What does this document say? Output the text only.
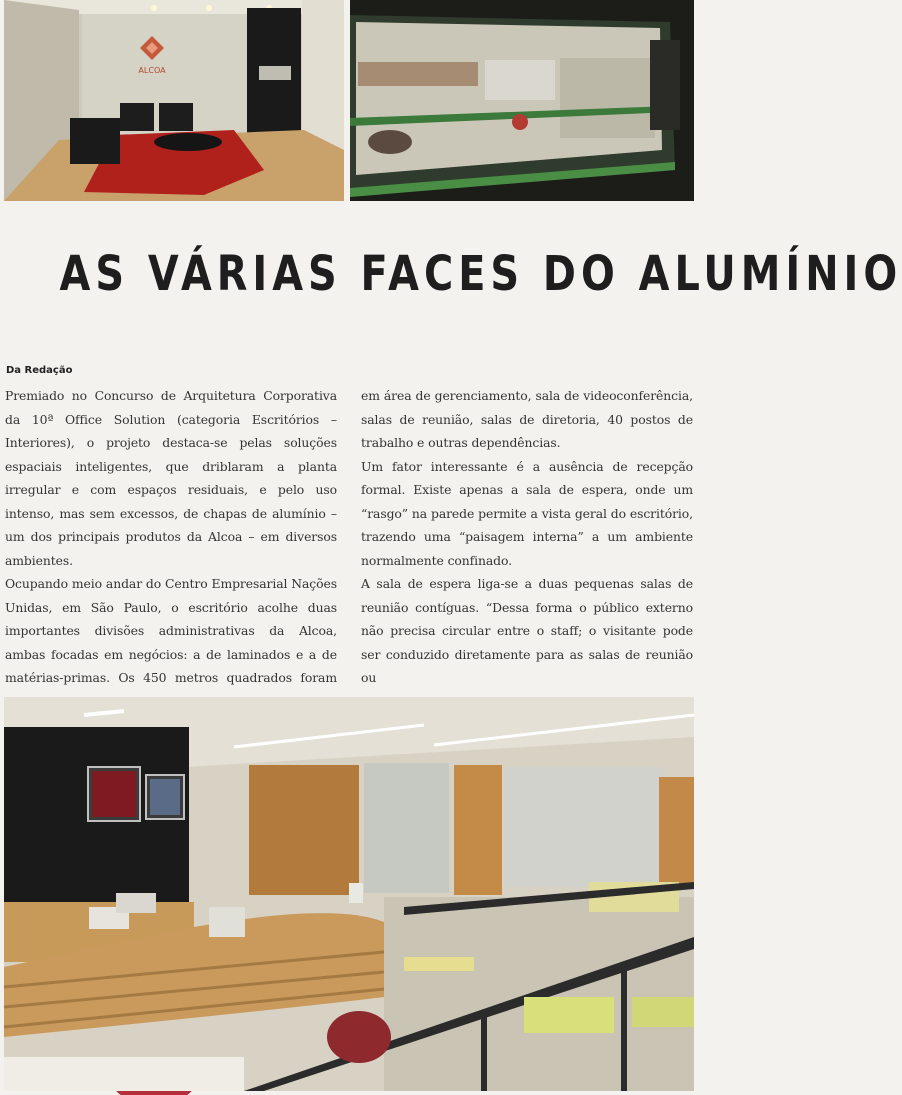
ALCOA
AS VÁRIAS FACES DO ALUMÍNIO
Da Redação

Premiado no Concurso de Arquitetura Corporativa da 10ª Office Solution (categoria Escritórios – Interiores), o projeto destaca-se pelas soluções espaciais inteligentes, que driblaram a planta irregular e com espaços residuais, e pelo uso intenso, mas sem excessos, de chapas de alumínio – um dos principais produtos da Alcoa – em diversos ambientes.

Ocupando meio andar do Centro Empresarial Nações Unidas, em São Paulo, o escritório acolhe duas importantes divisões administrativas da Alcoa, ambas focadas em negócios: a de laminados e a de matérias-primas. Os 450 metros quadrados foram

em área de gerenciamento, sala de videoconferência, salas de reunião, salas de diretoria, 40 postos de trabalho e outras dependências.

Um fator interessante é a ausência de recepção formal. Existe apenas a sala de espera, onde um “rasgo” na parede permite a vista geral do escritório, trazendo uma “paisagem interna” a um ambiente normalmente confinado.

A sala de espera liga-se a duas pequenas salas de reunião contíguas. “Dessa forma o público externo não precisa circular entre o staff; o visitante pode ser conduzido diretamente para as salas de reunião ou
